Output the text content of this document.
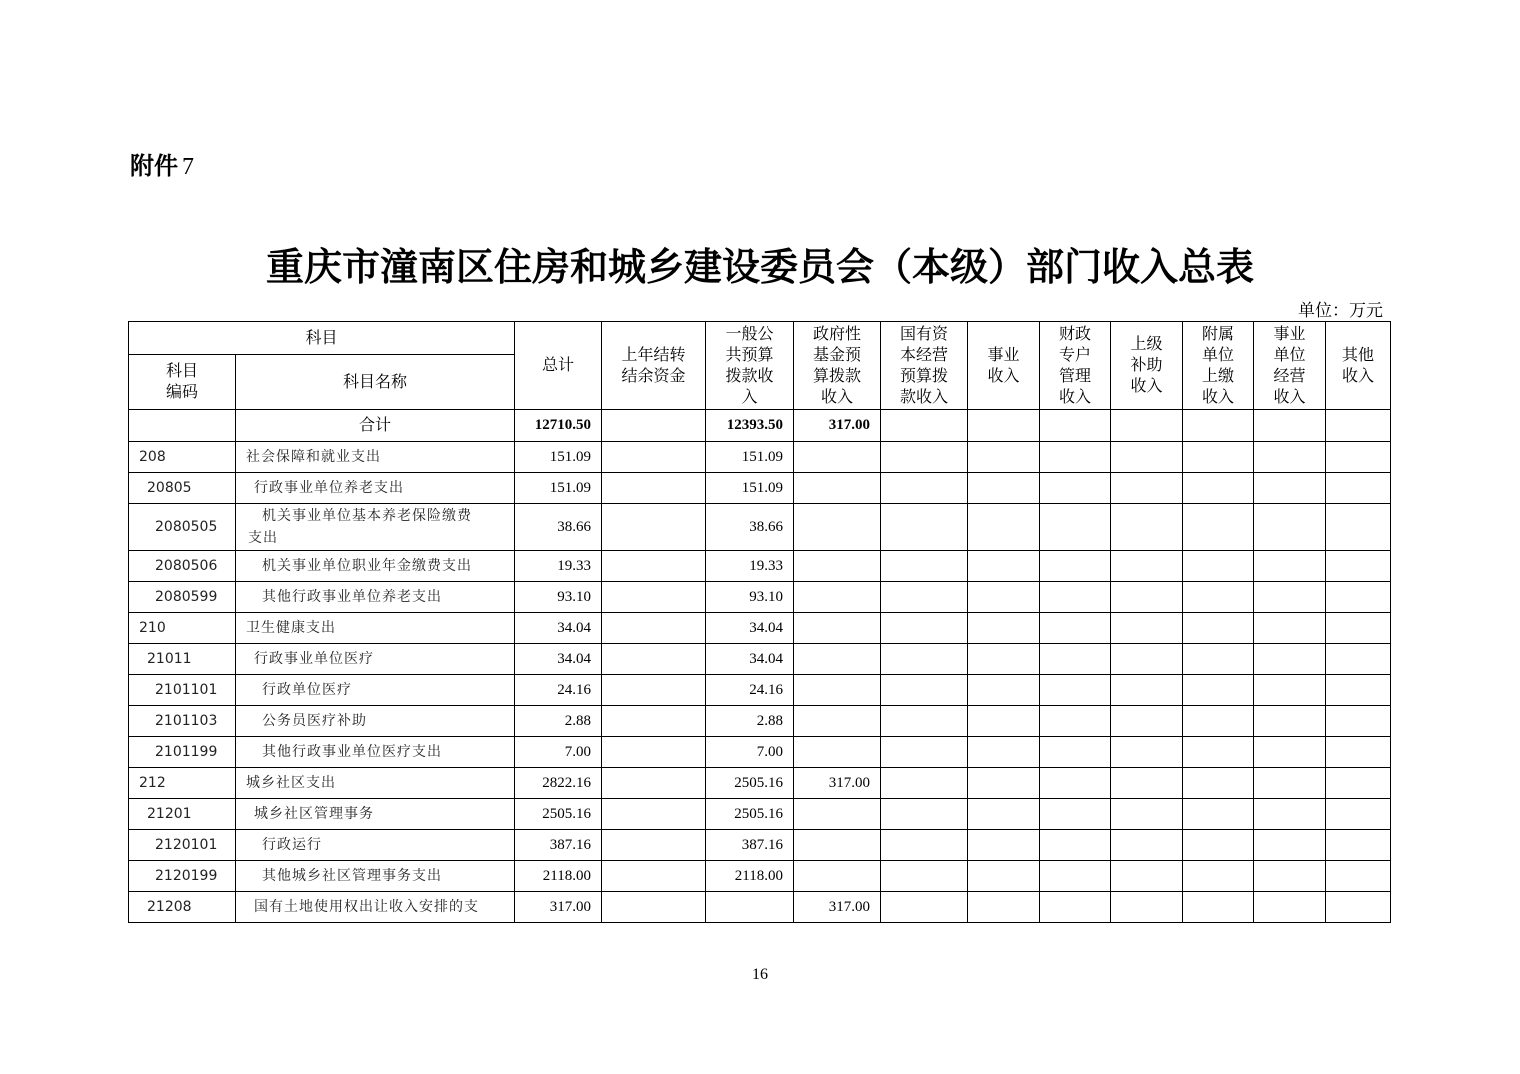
附件 7
重庆市潼南区住房和城乡建设委员会（本级）部门收入总表
单位：万元
科目		总计	上年结转结余资金	一般公共预算拨款收入	政府性基金预算拨款收入	国有资本经营预算拨款收入	事业收入	财政专户管理收入	上级补助收入	附属单位上缴收入	事业单位经营收入	其他收入

科目编码	科目名称											
	合计	12710.50		12393.50	317.00							
208	社会保障和就业支出	151.09		151.09								
20805	行政事业单位养老支出	151.09		151.09								
2080505	机关事业单位基本养老保险缴费
支出	38.66		38.66								
2080506	机关事业单位职业年金缴费支出	19.33		19.33								
2080599	其他行政事业单位养老支出	93.10		93.10								
210	卫生健康支出	34.04		34.04								
21011	行政事业单位医疗	34.04		34.04								
2101101	行政单位医疗	24.16		24.16								
2101103	公务员医疗补助	2.88		2.88								
2101199	其他行政事业单位医疗支出	7.00		7.00								
212	城乡社区支出	2822.16		2505.16	317.00							
21201	城乡社区管理事务	2505.16		2505.16								
2120101	行政运行	387.16		387.16								
2120199	其他城乡社区管理事务支出	2118.00		2118.00								
21208	国有土地使用权出让收入安排的支	317.00			317.00							
16
